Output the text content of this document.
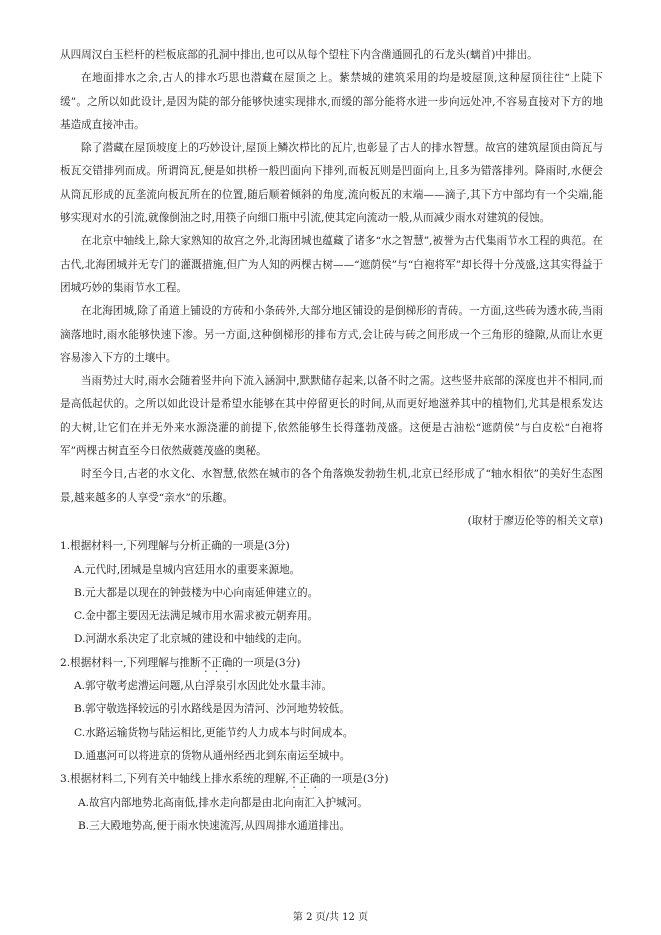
从四周汉白玉栏杆的栏板底部的孔洞中排出,也可以从每个望柱下内含凿通圆孔的石龙头(螭首)中排出。

在地面排水之余,古人的排水巧思也潜藏在屋顶之上。紫禁城的建筑采用的均是坡屋顶,这种屋顶往往“上陡下缓”。之所以如此设计,是因为陡的部分能够快速实现排水,而缓的部分能将水进一步向远处冲,不容易直接对下方的地基造成直接冲击。

除了潜藏在屋顶坡度上的巧妙设计,屋顶上鳞次栉比的瓦片,也彰显了古人的排水智慧。故宫的建筑屋顶由筒瓦与板瓦交错排列而成。所谓筒瓦,便是如拱桥一般凹面向下排列,而板瓦则是凹面向上,且多为错落排列。降雨时,水便会从筒瓦形成的瓦垄流向板瓦所在的位置,随后顺着倾斜的角度,流向板瓦的末端——滴子,其下方中部均有一个尖端,能够实现对水的引流,就像倒油之时,用筷子向细口瓶中引流,使其定向流动一般,从而减少雨水对建筑的侵蚀。

在北京中轴线上,除大家熟知的故宫之外,北海团城也蕴藏了诸多“水之智慧”,被誉为古代集雨节水工程的典范。在古代,北海团城并无专门的灌溉措施,但广为人知的两棵古树——“遮荫侯”与“白袍将军”却长得十分茂盛,这其实得益于团城巧妙的集雨节水工程。

在北海团城,除了甬道上铺设的方砖和小条砖外,大部分地区铺设的是倒梯形的青砖。一方面,这些砖为透水砖,当雨滴落地时,雨水能够快速下渗。另一方面,这种倒梯形的排布方式,会让砖与砖之间形成一个三角形的缝隙,从而让水更容易渗入下方的土壤中。

当雨势过大时,雨水会随着竖井向下流入涵洞中,默默储存起来,以备不时之需。这些竖井底部的深度也并不相同,而是高低起伏的。之所以如此设计是希望水能够在其中停留更长的时间,从而更好地滋养其中的植物们,尤其是根系发达的大树,让它们在并无外来水源浇灌的前提下,依然能够生长得蓬勃茂盛。这便是古油松“遮荫侯”与白皮松“白袍将军”两棵古树直至今日依然葳蕤茂盛的奥秘。

时至今日,古老的水文化、水智慧,依然在城市的各个角落焕发勃勃生机,北京已经形成了“轴水相依”的美好生态图景,越来越多的人享受“亲水”的乐趣。

(取材于廖迈伦等的相关文章)

1.根据材料一,下列理解与分析正确的一项是(3分)

A.元代时,团城是皇城内宫廷用水的重要来源地。

B.元大都是以现在的钟鼓楼为中心向南延伸建立的。

C.金中都主要因无法满足城市用水需求被元朝弃用。

D.河湖水系决定了北京城的建设和中轴线的走向。

2.根据材料一,下列理解与推断不正确的一项是(3分)

A.郭守敬考虑漕运问题,从白浮泉引水因此处水量丰沛。

B.郭守敬选择较远的引水路线是因为清河、沙河地势较低。

C.水路运输货物与陆运相比,更能节约人力成本与时间成本。

D.通惠河可以将进京的货物从通州经西北到东南运至城中。

3.根据材料二,下列有关中轴线上排水系统的理解,不正确的一项是(3分)

A.故宫内部地势北高南低,排水走向都是由北向南汇入护城河。

B.三大殿地势高,便于雨水快速流泻,从四周排水通道排出。

第 2 页/共 12 页
